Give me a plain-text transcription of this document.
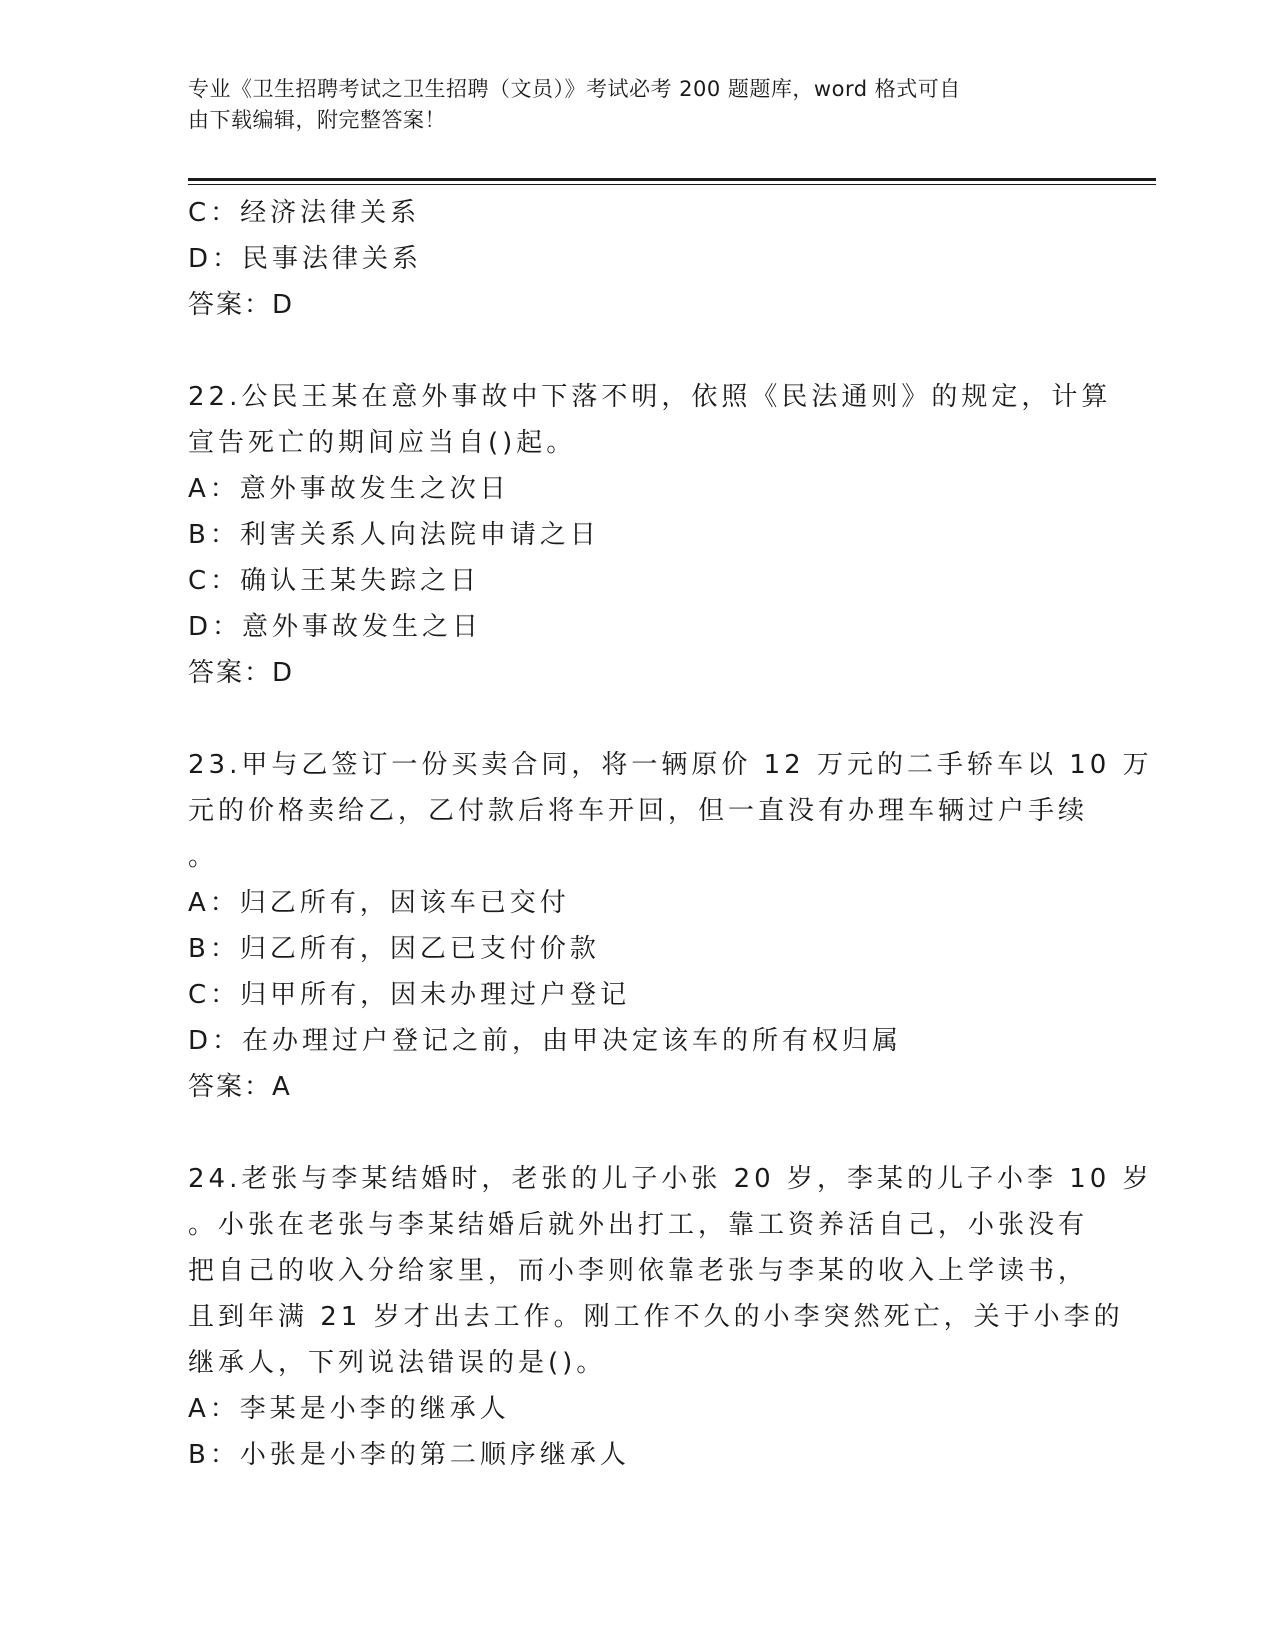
专业《卫生招聘考试之卫生招聘（文员）》考试必考 200 题题库，word 格式可自
由下载编辑，附完整答案！
C：经济法律关系
D：民事法律关系
答案：D
22.公民王某在意外事故中下落不明，依照《民法通则》的规定，计算
宣告死亡的期间应当自()起。
A：意外事故发生之次日
B：利害关系人向法院申请之日
C：确认王某失踪之日
D：意外事故发生之日
答案：D
23.甲与乙签订一份买卖合同，将一辆原价 12 万元的二手轿车以 10 万
元的价格卖给乙，乙付款后将车开回，但一直没有办理车辆过户手续
。
A：归乙所有，因该车已交付
B：归乙所有，因乙已支付价款
C：归甲所有，因未办理过户登记
D：在办理过户登记之前，由甲决定该车的所有权归属
答案：A
24.老张与李某结婚时，老张的儿子小张 20 岁，李某的儿子小李 10 岁
。小张在老张与李某结婚后就外出打工，靠工资养活自己，小张没有
把自己的收入分给家里，而小李则依靠老张与李某的收入上学读书，
且到年满 21 岁才出去工作。刚工作不久的小李突然死亡，关于小李的
继承人，下列说法错误的是()。
A：李某是小李的继承人
B：小张是小李的第二顺序继承人
